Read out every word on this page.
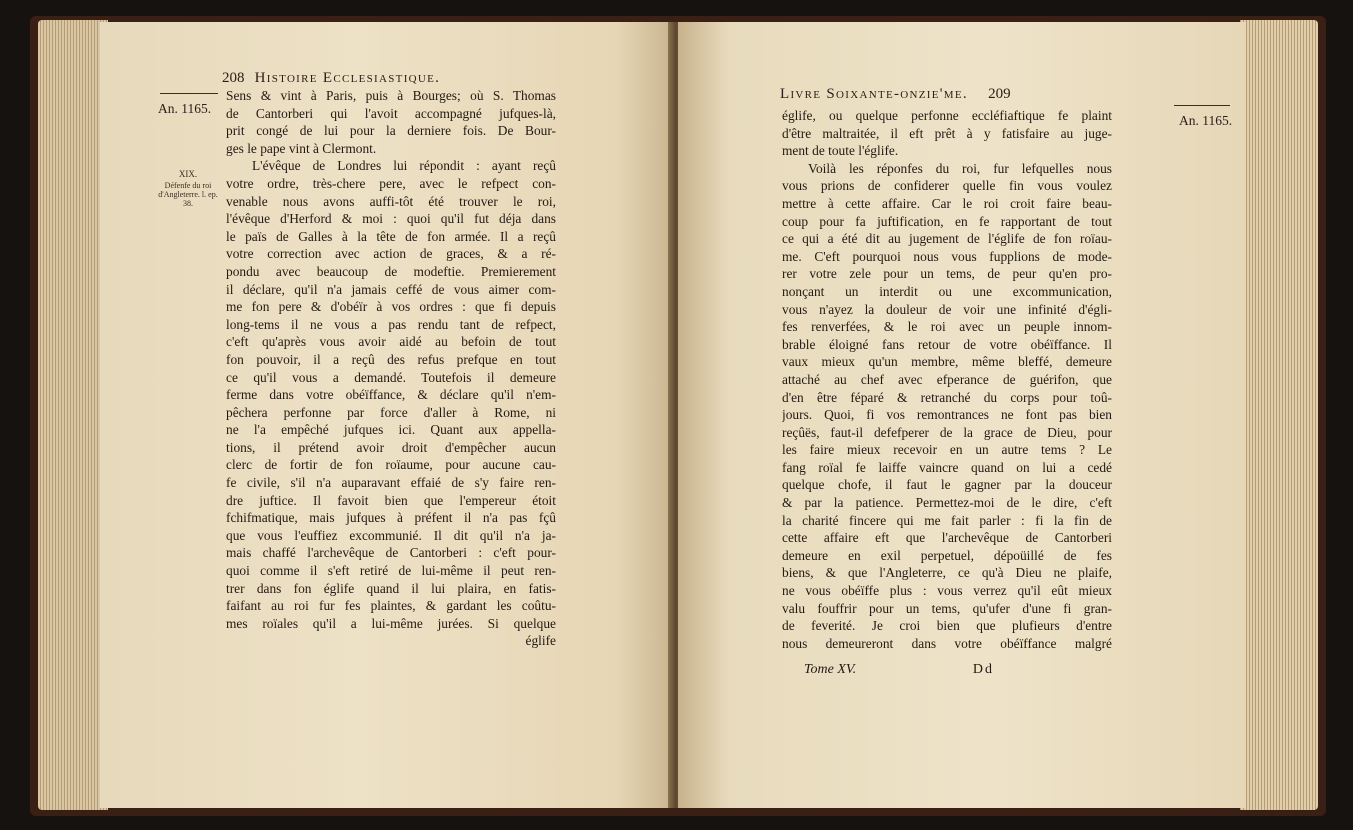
208 Histoire Ecclesiastique.
An. 1165.
XIX.
Défenfe du roi d'Angleterre. l. ep. 38.
Sens & vint à Paris, puis à Bourges; où S. Thomas
de Cantorberi qui l'avoit accompagné jufques-là,
prit congé de lui pour la derniere fois. De Bour-
ges le pape vint à Clermont.
L'évêque de Londres lui répondit : ayant reçû
votre ordre, très-chere pere, avec le refpect con-
venable nous avons auffi-tôt été trouver le roi,
l'évêque d'Herford & moi : quoi qu'il fut déja dans
le païs de Galles à la tête de fon armée. Il a reçû
votre correction avec action de graces, & a ré-
pondu avec beaucoup de modeftie. Premierement
il déclare, qu'il n'a jamais ceffé de vous aimer com-
me fon pere & d'obéïr à vos ordres : que fi depuis
long-tems il ne vous a pas rendu tant de refpect,
c'eft qu'après vous avoir aidé au befoin de tout
fon pouvoir, il a reçû des refus prefque en tout
ce qu'il vous a demandé. Toutefois il demeure
ferme dans votre obéïffance, & déclare qu'il n'em-
pêchera perfonne par force d'aller à Rome, ni
ne l'a empêché jufques ici. Quant aux appella-
tions, il prétend avoir droit d'empêcher aucun
clerc de fortir de fon roïaume, pour aucune cau-
fe civile, s'il n'a auparavant effaié de s'y faire ren-
dre juftice. Il favoit bien que l'empereur étoit
fchifmatique, mais jufques à préfent il n'a pas fçû
que vous l'euffiez excommunié. Il dit qu'il n'a ja-
mais chaffé l'archevêque de Cantorberi : c'eft pour-
quoi comme il s'eft retiré de lui-même il peut ren-
trer dans fon églife quand il lui plaira, en fatis-
faifant au roi fur fes plaintes, & gardant les coûtu-
mes roïales qu'il a lui-même jurées. Si quelque
églife
Livre Soixante-onzie'me. 209
An. 1165.
églife, ou quelque perfonne eccléfiaftique fe plaint
d'être maltraitée, il eft prêt à y fatisfaire au juge-
ment de toute l'églife.
Voilà les réponfes du roi, fur lefquelles nous
vous prions de confiderer quelle fin vous voulez
mettre à cette affaire. Car le roi croit faire beau-
coup pour fa juftification, en fe rapportant de tout
ce qui a été dit au jugement de l'églife de fon roïau-
me. C'eft pourquoi nous vous fupplions de mode-
rer votre zele pour un tems, de peur qu'en pro-
nonçant un interdit ou une excommunication,
vous n'ayez la douleur de voir une infinité d'égli-
fes renverfées, & le roi avec un peuple innom-
brable éloigné fans retour de votre obéïffance. Il
vaux mieux qu'un membre, même bleffé, demeure
attaché au chef avec efperance de guérifon, que
d'en être féparé & retranché du corps pour toû-
jours. Quoi, fi vos remontrances ne font pas bien
reçûës, faut-il defefperer de la grace de Dieu, pour
les faire mieux recevoir en un autre tems ? Le
fang roïal fe laiffe vaincre quand on lui a cedé
quelque chofe, il faut le gagner par la douceur
& par la patience. Permettez-moi de le dire, c'eft
la charité fincere qui me fait parler : fi la fin de
cette affaire eft que l'archevêque de Cantorberi
demeure en exil perpetuel, dépoüillé de fes
biens, & que l'Angleterre, ce qu'à Dieu ne plaife,
ne vous obéïffe plus : vous verrez qu'il eût mieux
valu fouffrir pour un tems, qu'ufer d'une fi gran-
de feverité. Je croi bien que plufieurs d'entre
nous demeureront dans votre obéïffance malgré
Tome XV.	Dd
